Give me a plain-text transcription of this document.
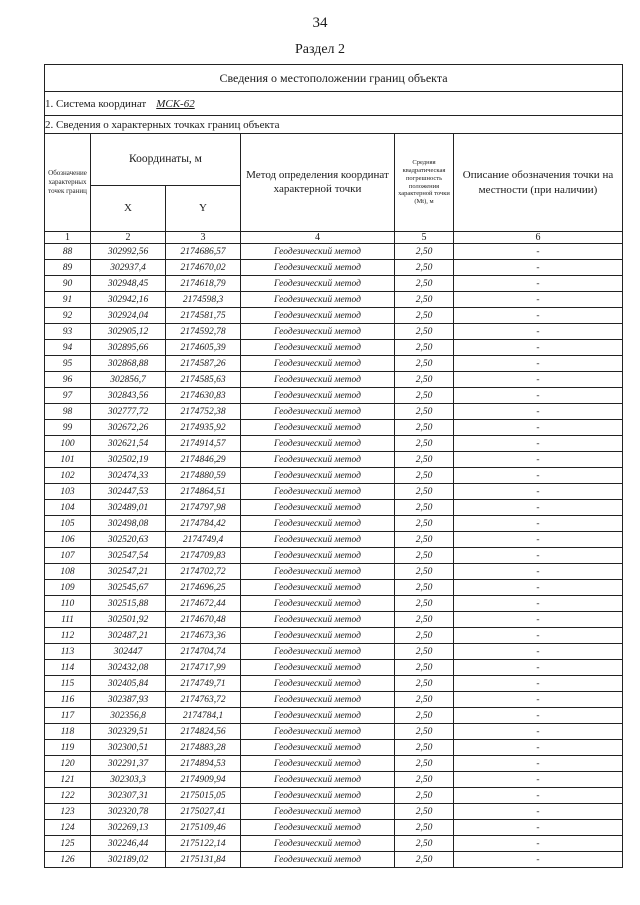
34
Раздел 2
Сведения о местоположении границ объекта					
1. Система координат МСК-62					
2. Сведения о характерных точках границ объекта					
Обозначение характерных точек границ	Координаты, м		Метод определения координат характерной точки	Средняя квадратическая погрешность положения характерной точки (Mt), м	Описание обозначения точки на местности (при наличии)
	X	Y			
1	2	3	4	5	6
88	302992,56	2174686,57	Геодезический метод	2,50	-
89	302937,4	2174670,02	Геодезический метод	2,50	-
90	302948,45	2174618,79	Геодезический метод	2,50	-
91	302942,16	2174598,3	Геодезический метод	2,50	-
92	302924,04	2174581,75	Геодезический метод	2,50	-
93	302905,12	2174592,78	Геодезический метод	2,50	-
94	302895,66	2174605,39	Геодезический метод	2,50	-
95	302868,88	2174587,26	Геодезический метод	2,50	-
96	302856,7	2174585,63	Геодезический метод	2,50	-
97	302843,56	2174630,83	Геодезический метод	2,50	-
98	302777,72	2174752,38	Геодезический метод	2,50	-
99	302672,26	2174935,92	Геодезический метод	2,50	-
100	302621,54	2174914,57	Геодезический метод	2,50	-
101	302502,19	2174846,29	Геодезический метод	2,50	-
102	302474,33	2174880,59	Геодезический метод	2,50	-
103	302447,53	2174864,51	Геодезический метод	2,50	-
104	302489,01	2174797,98	Геодезический метод	2,50	-
105	302498,08	2174784,42	Геодезический метод	2,50	-
106	302520,63	2174749,4	Геодезический метод	2,50	-
107	302547,54	2174709,83	Геодезический метод	2,50	-
108	302547,21	2174702,72	Геодезический метод	2,50	-
109	302545,67	2174696,25	Геодезический метод	2,50	-
110	302515,88	2174672,44	Геодезический метод	2,50	-
111	302501,92	2174670,48	Геодезический метод	2,50	-
112	302487,21	2174673,36	Геодезический метод	2,50	-
113	302447	2174704,74	Геодезический метод	2,50	-
114	302432,08	2174717,99	Геодезический метод	2,50	-
115	302405,84	2174749,71	Геодезический метод	2,50	-
116	302387,93	2174763,72	Геодезический метод	2,50	-
117	302356,8	2174784,1	Геодезический метод	2,50	-
118	302329,51	2174824,56	Геодезический метод	2,50	-
119	302300,51	2174883,28	Геодезический метод	2,50	-
120	302291,37	2174894,53	Геодезический метод	2,50	-
121	302303,3	2174909,94	Геодезический метод	2,50	-
122	302307,31	2175015,05	Геодезический метод	2,50	-
123	302320,78	2175027,41	Геодезический метод	2,50	-
124	302269,13	2175109,46	Геодезический метод	2,50	-
125	302246,44	2175122,14	Геодезический метод	2,50	-
126	302189,02	2175131,84	Геодезический метод	2,50	-
